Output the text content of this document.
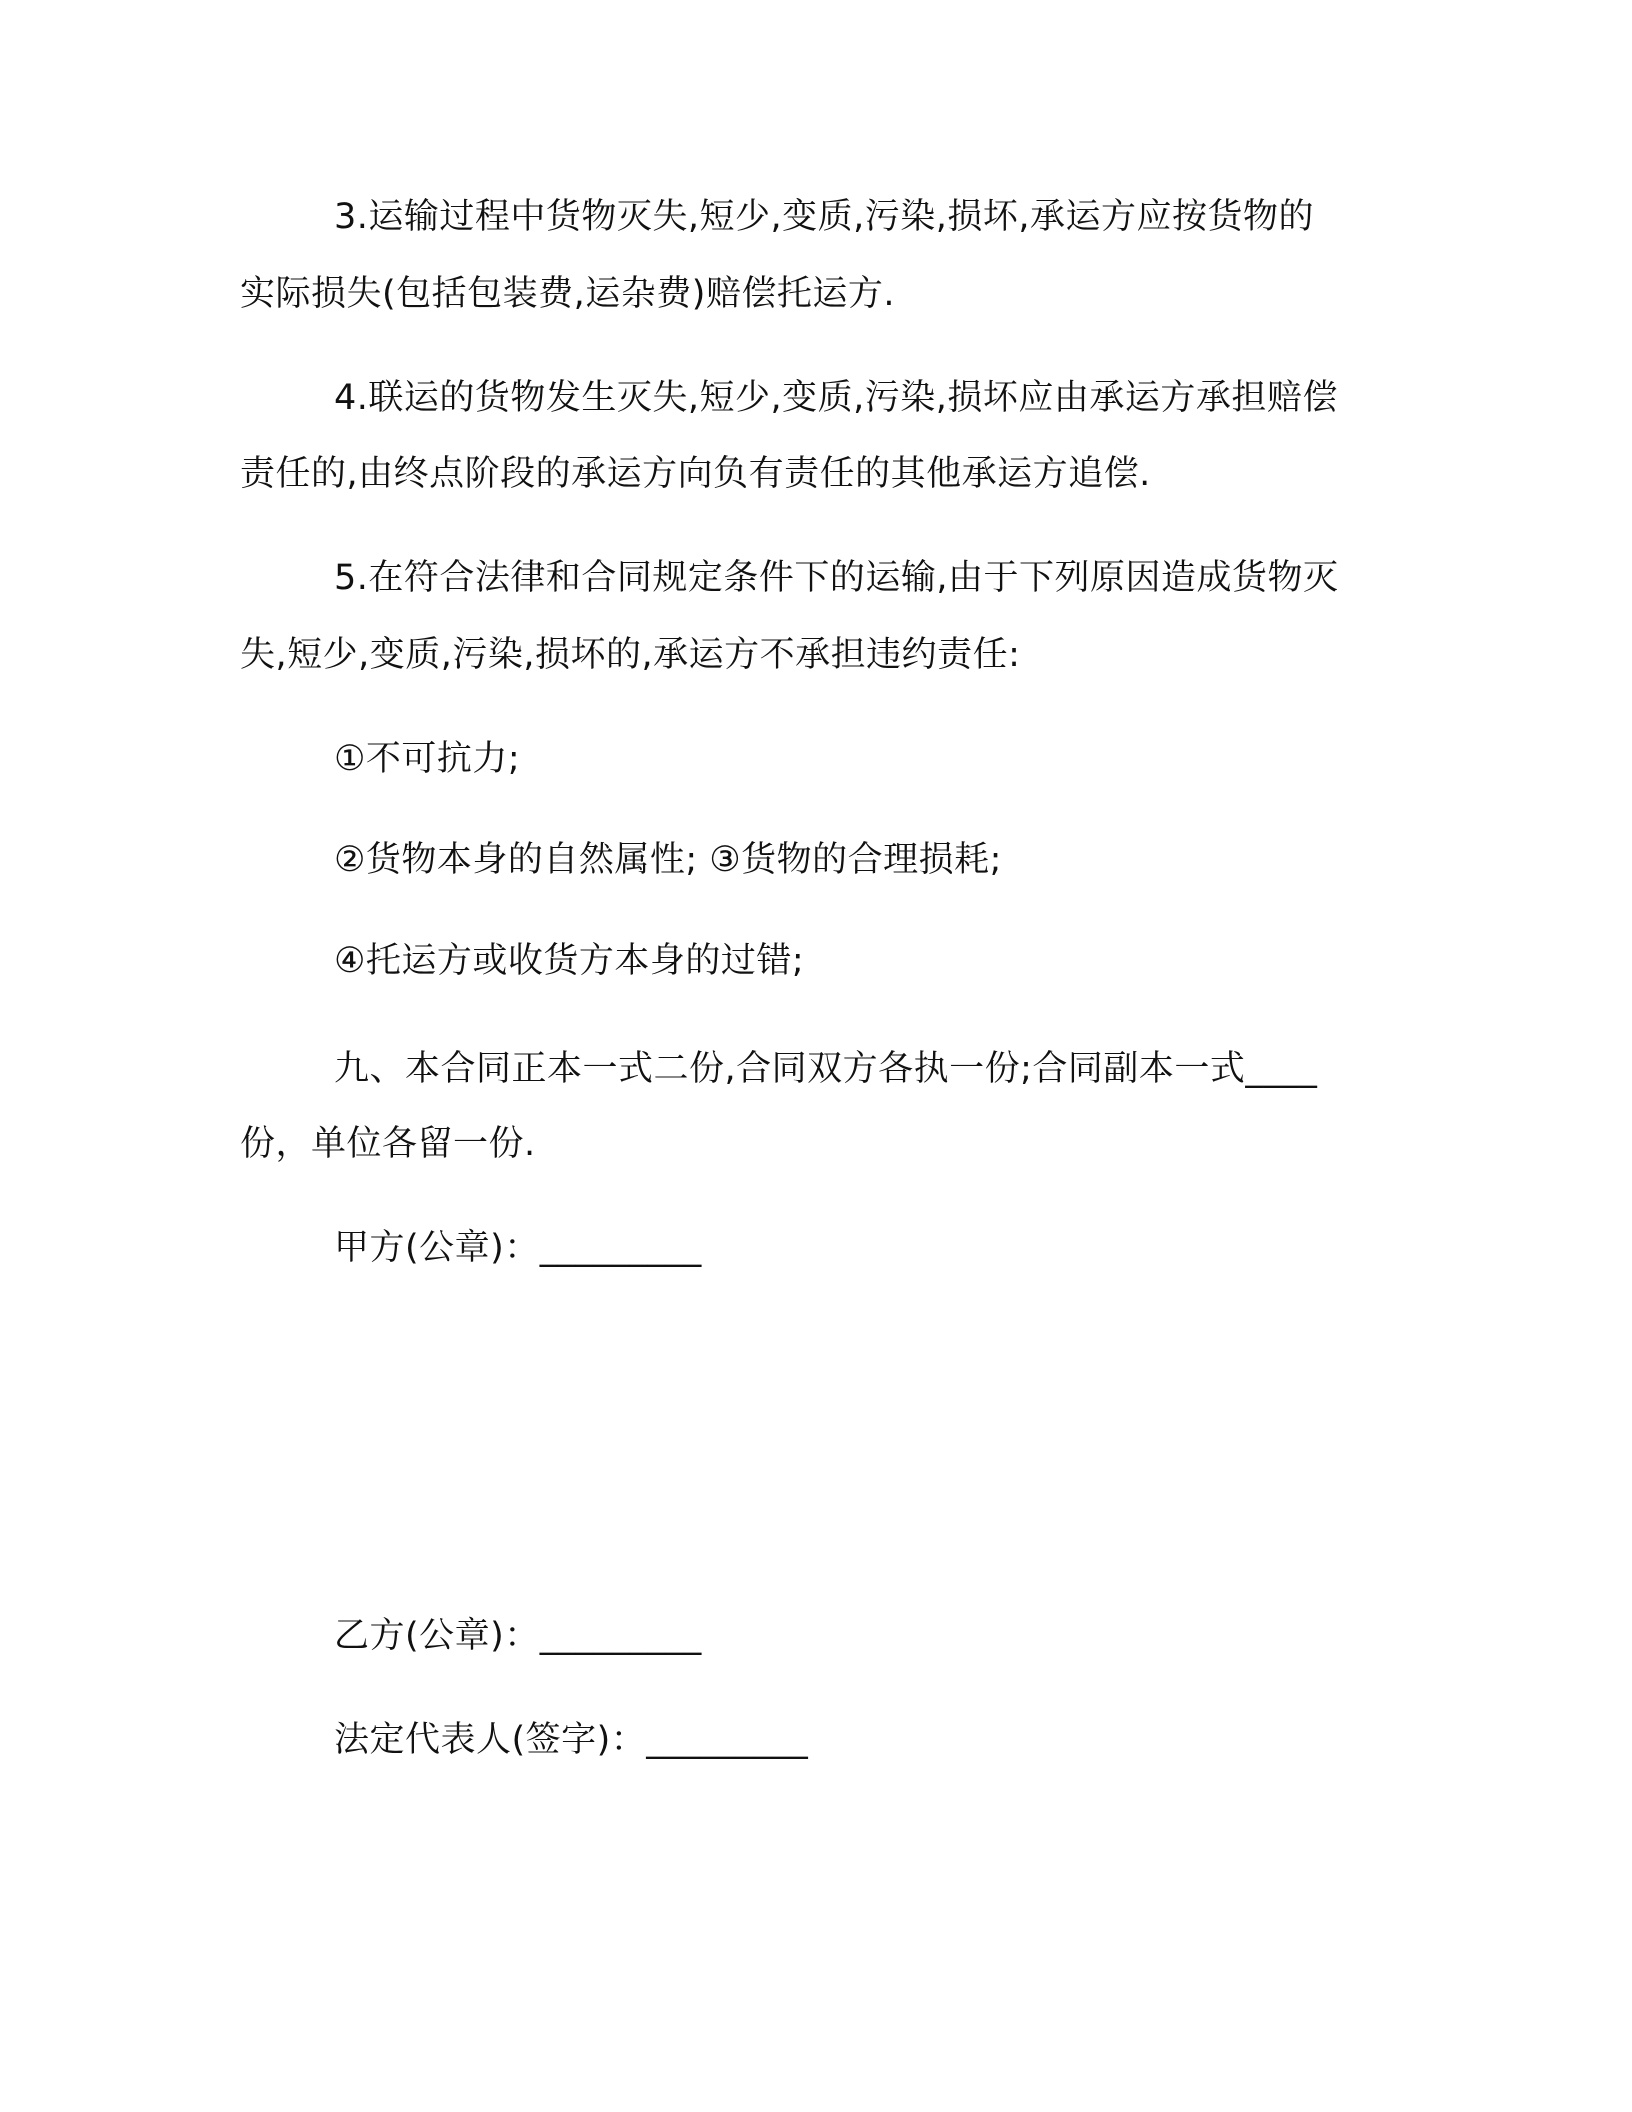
3.运输过程中货物灭失,短少,变质,污染,损坏,承运方应按货物的
实际损失(包括包装费,运杂费)赔偿托运方.
4.联运的货物发生灭失,短少,变质,污染,损坏应由承运方承担赔偿
责任的,由终点阶段的承运方向负有责任的其他承运方追偿.
5.在符合法律和合同规定条件下的运输,由于下列原因造成货物灭
失,短少,变质,污染,损坏的,承运方不承担违约责任:
①不可抗力;
②货物本身的自然属性; ③货物的合理损耗;
④托运方或收货方本身的过错;
九、本合同正本一式二份,合同双方各执一份;合同副本一式____
份，单位各留一份.
甲方(公章)：_________
乙方(公章)：_________
法定代表人(签字)：_________
